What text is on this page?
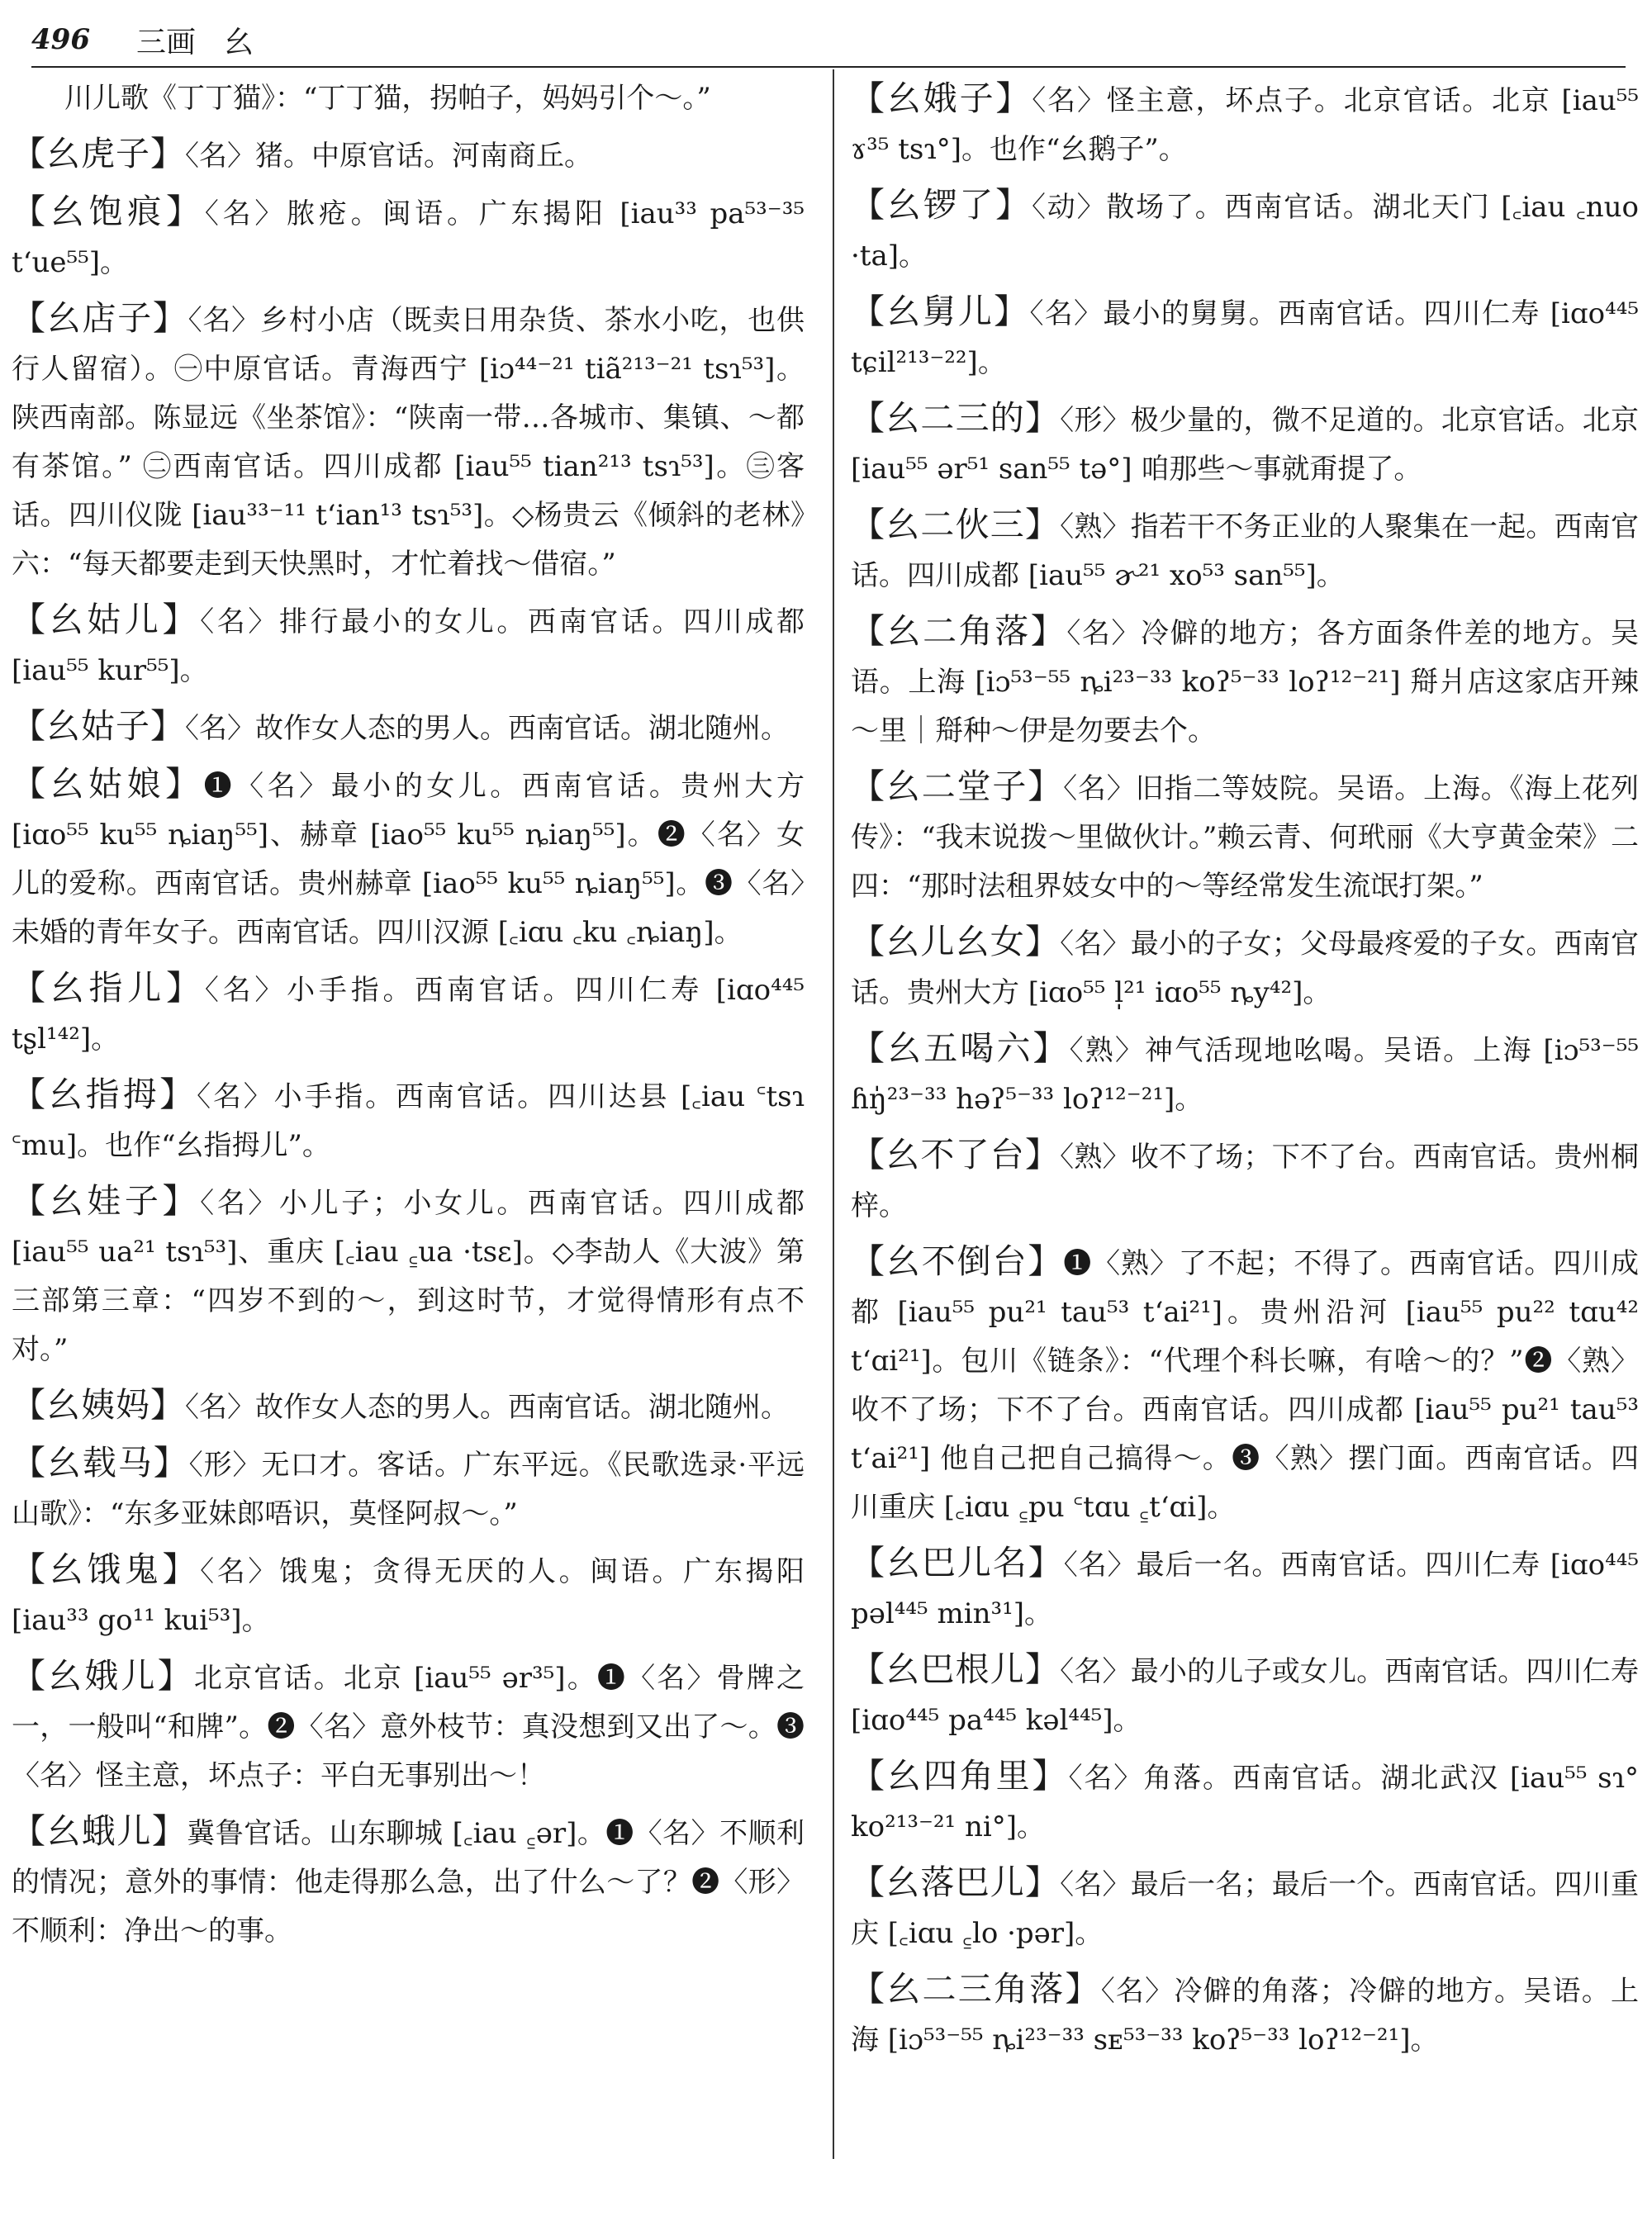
496 三画 幺
川儿歌《丁丁猫》：“丁丁猫，拐帕子，妈妈引个～。”
【幺虎子】〈名〉猪。中原官话。河南商丘。
【幺饱痕】〈名〉脓疮。闽语。广东揭阳 [iau³³ pa⁵³⁻³⁵ t‘ue⁵⁵]。
【幺店子】〈名〉乡村小店（既卖日用杂货、茶水小吃，也供行人留宿）。㊀中原官话。青海西宁 [iɔ⁴⁴⁻²¹ tiã²¹³⁻²¹ tsɿ⁵³]。陕西南部。陈显远《坐茶馆》：“陕南一带…各城市、集镇、～都有茶馆。” ㊁西南官话。四川成都 [iau⁵⁵ tian²¹³ tsɿ⁵³]。㊂客话。四川仪陇 [iau³³⁻¹¹ t‘ian¹³ tsɿ⁵³]。◇杨贵云《倾斜的老林》六：“每天都要走到天快黑时，才忙着找～借宿。”
【幺姑儿】〈名〉排行最小的女儿。西南官话。四川成都 [iau⁵⁵ kur⁵⁵]。
【幺姑子】〈名〉故作女人态的男人。西南官话。湖北随州。
【幺姑娘】❶〈名〉最小的女儿。西南官话。贵州大方 [iɑo⁵⁵ ku⁵⁵ ȵiaŋ⁵⁵]、赫章 [iao⁵⁵ ku⁵⁵ ȵiaŋ⁵⁵]。❷〈名〉女儿的爱称。西南官话。贵州赫章 [iao⁵⁵ ku⁵⁵ ȵiaŋ⁵⁵]。❸〈名〉未婚的青年女子。西南官话。四川汉源 [꜀iɑu ꜀ku ꜀ȵiaŋ]。
【幺指儿】〈名〉小手指。西南官话。四川仁寿 [iɑo⁴⁴⁵ tʂl¹⁴²]。
【幺指拇】〈名〉小手指。西南官话。四川达县 [꜀iau ꜂tsɿ ꜂mu]。也作“幺指拇儿”。
【幺娃子】〈名〉小儿子；小女儿。西南官话。四川成都 [iau⁵⁵ ua²¹ tsɿ⁵³]、重庆 [꜀iau ꜁ua ·tsɛ]。◇李劼人《大波》第三部第三章：“四岁不到的～，到这时节，才觉得情形有点不对。”
【幺姨妈】〈名〉故作女人态的男人。西南官话。湖北随州。
【幺载马】〈形〉无口才。客话。广东平远。《民歌选录·平远山歌》：“东多亚妹郎唔识，莫怪阿叔～。”
【幺饿鬼】〈名〉饿鬼；贪得无厌的人。闽语。广东揭阳 [iau³³ go¹¹ kui⁵³]。
【幺娥儿】北京官话。北京 [iau⁵⁵ ər³⁵]。❶〈名〉骨牌之一，一般叫“和牌”。❷〈名〉意外枝节：真没想到又出了～。❸〈名〉怪主意，坏点子：平白无事别出～！
【幺蛾儿】冀鲁官话。山东聊城 [꜀iau ꜁ər]。❶〈名〉不顺利的情况；意外的事情：他走得那么急，出了什么～了？❷〈形〉不顺利：净出～的事。
【幺娥子】〈名〉怪主意，坏点子。北京官话。北京 [iau⁵⁵ ɤ³⁵ tsɿ°]。也作“幺鹅子”。
【幺锣了】〈动〉散场了。西南官话。湖北天门 [꜀iau ꜀nuo ·ta]。
【幺舅儿】〈名〉最小的舅舅。西南官话。四川仁寿 [iɑo⁴⁴⁵ tɕil²¹³⁻²²]。
【幺二三的】〈形〉极少量的，微不足道的。北京官话。北京 [iau⁵⁵ ər⁵¹ san⁵⁵ tə°] 咱那些～事就甭提了。
【幺二伙三】〈熟〉指若干不务正业的人聚集在一起。西南官话。四川成都 [iau⁵⁵ ɚ²¹ xo⁵³ san⁵⁵]。
【幺二角落】〈名〉冷僻的地方；各方面条件差的地方。吴语。上海 [iɔ⁵³⁻⁵⁵ ȵi²³⁻³³ koʔ⁵⁻³³ loʔ¹²⁻²¹] 搿爿店这家店开辣～里｜搿种～伊是勿要去个。
【幺二堂子】〈名〉旧指二等妓院。吴语。上海。《海上花列传》：“我末说拨～里做伙计。”赖云青、何玳丽《大亨黄金荣》二四：“那时法租界妓女中的～等经常发生流氓打架。”
【幺儿幺女】〈名〉最小的子女；父母最疼爱的子女。西南官话。贵州大方 [iɑo⁵⁵ l̩²¹ iɑo⁵⁵ ȵy⁴²]。
【幺五喝六】〈熟〉神气活现地吆喝。吴语。上海 [iɔ⁵³⁻⁵⁵ ɦŋ̍²³⁻³³ həʔ⁵⁻³³ loʔ¹²⁻²¹]。
【幺不了台】〈熟〉收不了场；下不了台。西南官话。贵州桐梓。
【幺不倒台】❶〈熟〉了不起；不得了。西南官话。四川成都 [iau⁵⁵ pu²¹ tau⁵³ t‘ai²¹]。贵州沿河 [iau⁵⁵ pu²² tɑu⁴² t‘ɑi²¹]。包川《链条》：“代理个科长嘛，有啥～的？”❷〈熟〉收不了场；下不了台。西南官话。四川成都 [iau⁵⁵ pu²¹ tau⁵³ t‘ai²¹] 他自己把自己搞得～。❸〈熟〉摆门面。西南官话。四川重庆 [꜀iɑu ꜁pu ꜂tɑu ꜁t‘ɑi]。
【幺巴儿名】〈名〉最后一名。西南官话。四川仁寿 [iɑo⁴⁴⁵ pəl⁴⁴⁵ min³¹]。
【幺巴根儿】〈名〉最小的儿子或女儿。西南官话。四川仁寿 [iɑo⁴⁴⁵ pa⁴⁴⁵ kəl⁴⁴⁵]。
【幺四角里】〈名〉角落。西南官话。湖北武汉 [iau⁵⁵ sɿ° ko²¹³⁻²¹ ni°]。
【幺落巴儿】〈名〉最后一名；最后一个。西南官话。四川重庆 [꜀iɑu ꜁lo ·pər]。
【幺二三角落】〈名〉冷僻的角落；冷僻的地方。吴语。上海 [iɔ⁵³⁻⁵⁵ ȵi²³⁻³³ sᴇ⁵³⁻³³ koʔ⁵⁻³³ loʔ¹²⁻²¹]。
